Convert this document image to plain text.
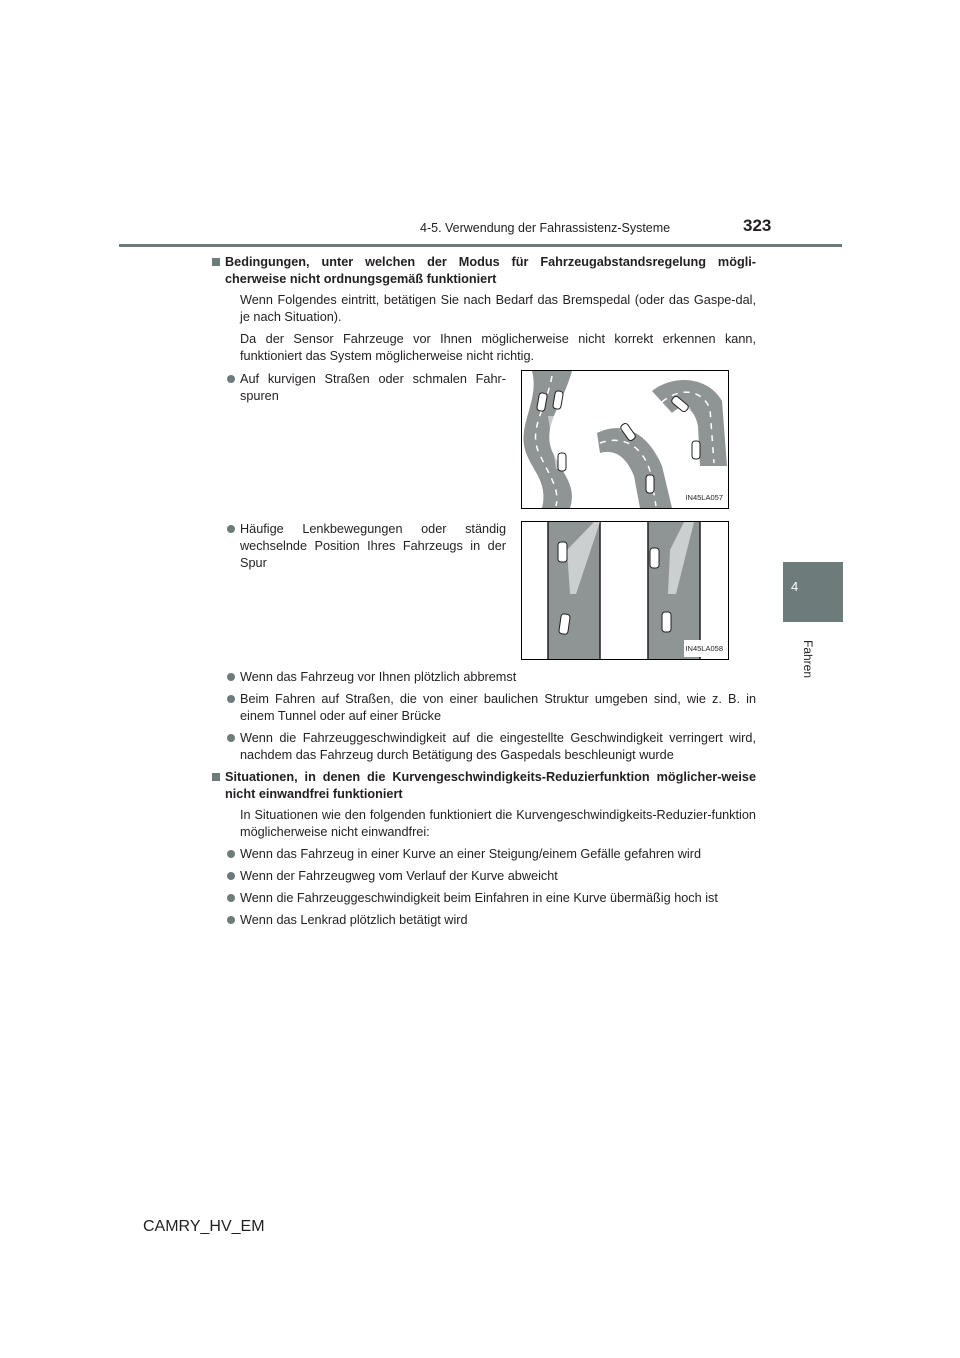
4-5. Verwendung der Fahrassistenz-Systeme	323
4
Fahren
Bedingungen, unter welchen der Modus für Fahrzeugabstandsregelung mögli-cherweise nicht ordnungsgemäß funktioniert
Wenn Folgendes eintritt, betätigen Sie nach Bedarf das Bremspedal (oder das Gaspe-dal, je nach Situation).
Da der Sensor Fahrzeuge vor Ihnen möglicherweise nicht korrekt erkennen kann, funktioniert das System möglicherweise nicht richtig.
Auf kurvigen Straßen oder schmalen Fahr-spuren
IN45LA057
Häufige Lenkbewegungen oder ständig wechselnde Position Ihres Fahrzeugs in der Spur
IN45LA058
Wenn das Fahrzeug vor Ihnen plötzlich abbremst
Beim Fahren auf Straßen, die von einer baulichen Struktur umgeben sind, wie z. B. in einem Tunnel oder auf einer Brücke
Wenn die Fahrzeuggeschwindigkeit auf die eingestellte Geschwindigkeit verringert wird, nachdem das Fahrzeug durch Betätigung des Gaspedals beschleunigt wurde
Situationen, in denen die Kurvengeschwindigkeits-Reduzierfunktion möglicher-weise nicht einwandfrei funktioniert
In Situationen wie den folgenden funktioniert die Kurvengeschwindigkeits-Reduzier-funktion möglicherweise nicht einwandfrei:
Wenn das Fahrzeug in einer Kurve an einer Steigung/einem Gefälle gefahren wird
Wenn der Fahrzeugweg vom Verlauf der Kurve abweicht
Wenn die Fahrzeuggeschwindigkeit beim Einfahren in eine Kurve übermäßig hoch ist
Wenn das Lenkrad plötzlich betätigt wird
CAMRY_HV_EM
